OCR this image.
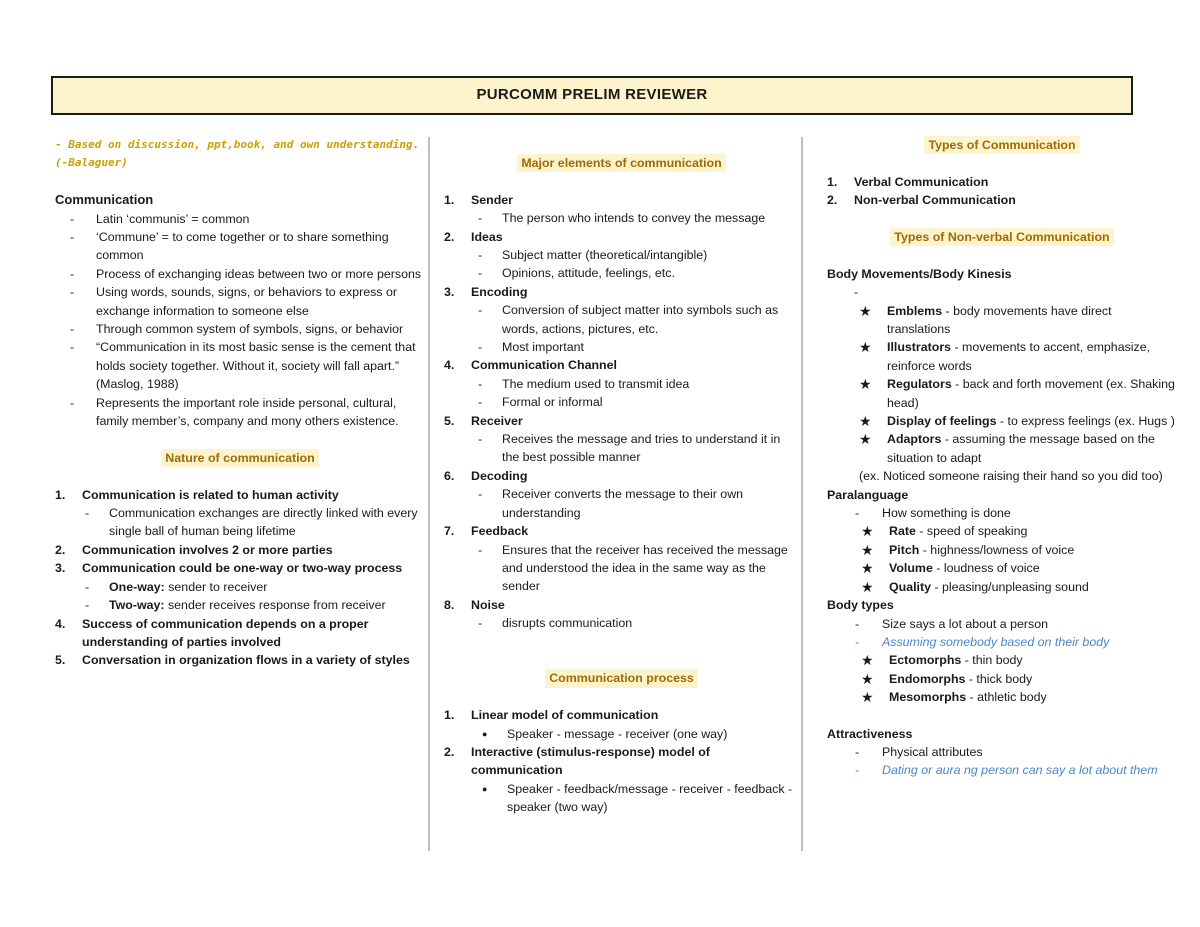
PURCOMM PRELIM REVIEWER
- Based on discussion, ppt,book, and own understanding. (-Balaguer)
Communication
- Latin ‘communis’ = common
- ‘Commune’ = to come together or to share something common
- Process of exchanging ideas between two or more persons
- Using words, sounds, signs, or behaviors to express or exchange information to someone else
- Through common system of symbols, signs, or behavior
- “Communication in its most basic sense is the cement that holds society together. Without it, society will fall apart.” (Maslog, 1988)
- Represents the important role inside personal, cultural, family member’s, company and mony others existence.
Nature of communication
1. Communication is related to human activity
- Communication exchanges are directly linked with every single ball of human being lifetime
2. Communication involves 2 or more parties
3. Communication could be one-way or two-way process
- One-way: sender to receiver
- Two-way: sender receives response from receiver
4. Success of communication depends on a proper understanding of parties involved
5. Conversation in organization flows in a variety of styles
Major elements of communication
1. Sender
- The person who intends to convey the message
2. Ideas
- Subject matter (theoretical/intangible)
- Opinions, attitude, feelings, etc.
3. Encoding
- Conversion of subject matter into symbols such as words, actions, pictures, etc.
- Most important
4. Communication Channel
- The medium used to transmit idea
- Formal or informal
5. Receiver
- Receives the message and tries to understand it in the best possible manner
6. Decoding
- Receiver converts the message to their own understanding
7. Feedback
- Ensures that the receiver has received the message and understood the idea in the same way as the sender
8. Noise
- disrupts communication
Communication process
1. Linear model of communication
● Speaker - message - receiver (one way)
2. Interactive (stimulus-response) model of communication
● Speaker - feedback/message - receiver - feedback - speaker (two way)
Types of Communication
1. Verbal Communication
2. Non-verbal Communication
Types of Non-verbal Communication
Body Movements/Body Kinesis
-
★ Emblems - body movements have direct translations
★ Illustrators - movements to accent, emphasize, reinforce words
★ Regulators - back and forth movement (ex. Shaking head)
★ Display of feelings - to express feelings (ex. Hugs )
★ Adaptors - assuming the message based on the situation to adapt
(ex. Noticed someone raising their hand so you did too)
Paralanguage
- How something is done
★ Rate - speed of speaking
★ Pitch - highness/lowness of voice
★ Volume - loudness of voice
★ Quality - pleasing/unpleasing sound
Body types
- Size says a lot about a person
- Assuming somebody based on their body
★ Ectomorphs - thin body
★ Endomorphs - thick body
★ Mesomorphs - athletic body
Attractiveness
- Physical attributes
- Dating or aura ng person can say a lot about them
